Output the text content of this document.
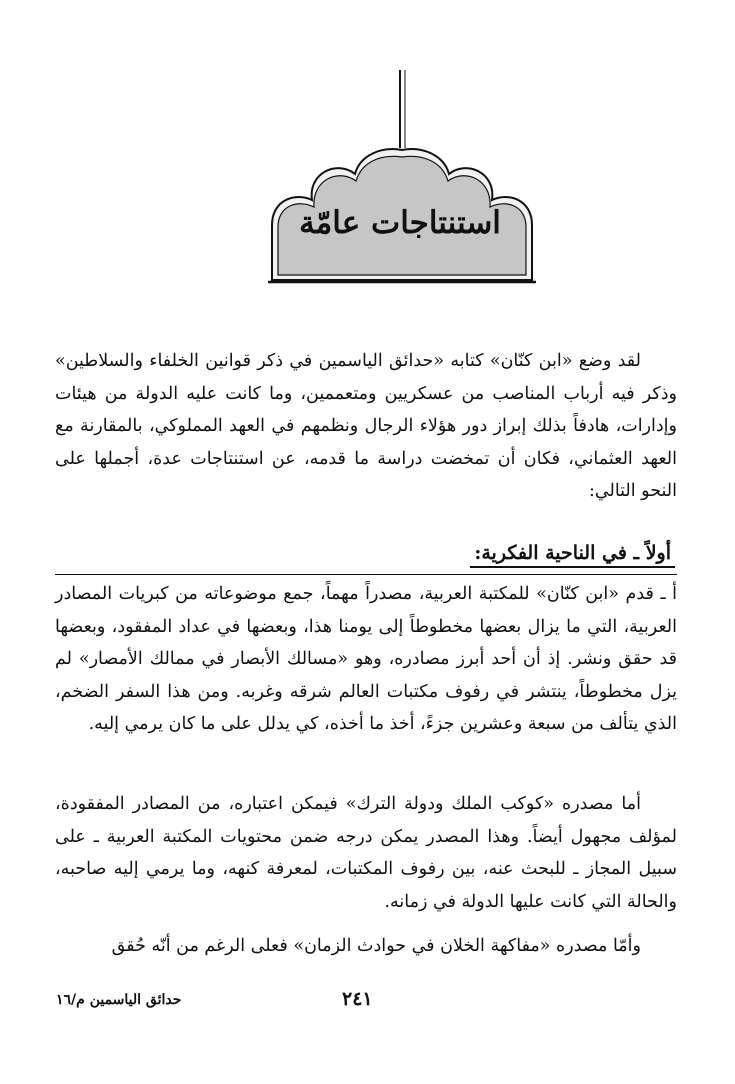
استنتاجات عامّة
لقد وضع «ابن كنّان» كتابه «حدائق الياسمين في ذكر قوانين الخلفاء والسلاطين» وذكر فيه أرباب المناصب من عسكريين ومتعممين، وما كانت عليه الدولة من هيئات وإدارات، هادفاً بذلك إبراز دور هؤلاء الرجال ونظمهم في العهد المملوكي، بالمقارنة مع العهد العثماني، فكان أن تمخضت دراسة ما قدمه، عن استنتاجات عدة، أجملها على النحو التالي:
أولاً ـ في الناحية الفكرية:
أ ـ قدم «ابن كنّان» للمكتبة العربية، مصدراً مهماً، جمع موضوعاته من كبريات المصادر العربية، التي ما يزال بعضها مخطوطاً إلى يومنا هذا، وبعضها في عداد المفقود، وبعضها قد حقق ونشر. إذ أن أحد أبرز مصادره، وهو «مسالك الأبصار في ممالك الأمصار» لم يزل مخطوطاً، ينتشر في رفوف مكتبات العالم شرقه وغربه. ومن هذا السفر الضخم، الذي يتألف من سبعة وعشرين جزءً، أخذ ما أخذه، كي يدلل على ما كان يرمي إليه.
أما مصدره «كوكب الملك ودولة الترك» فيمكن اعتباره، من المصادر المفقودة، لمؤلف مجهول أيضاً. وهذا المصدر يمكن درجه ضمن محتويات المكتبة العربية ـ على سبيل المجاز ـ للبحث عنه، بين رفوف المكتبات، لمعرفة كنهه، وما يرمي إليه صاحبه، والحالة التي كانت عليها الدولة في زمانه.
وأمّا مصدره «مفاكهة الخلان في حوادث الزمان» فعلى الرغم من أنّه حُقق
٢٤١
حدائق الياسمين م/١٦
